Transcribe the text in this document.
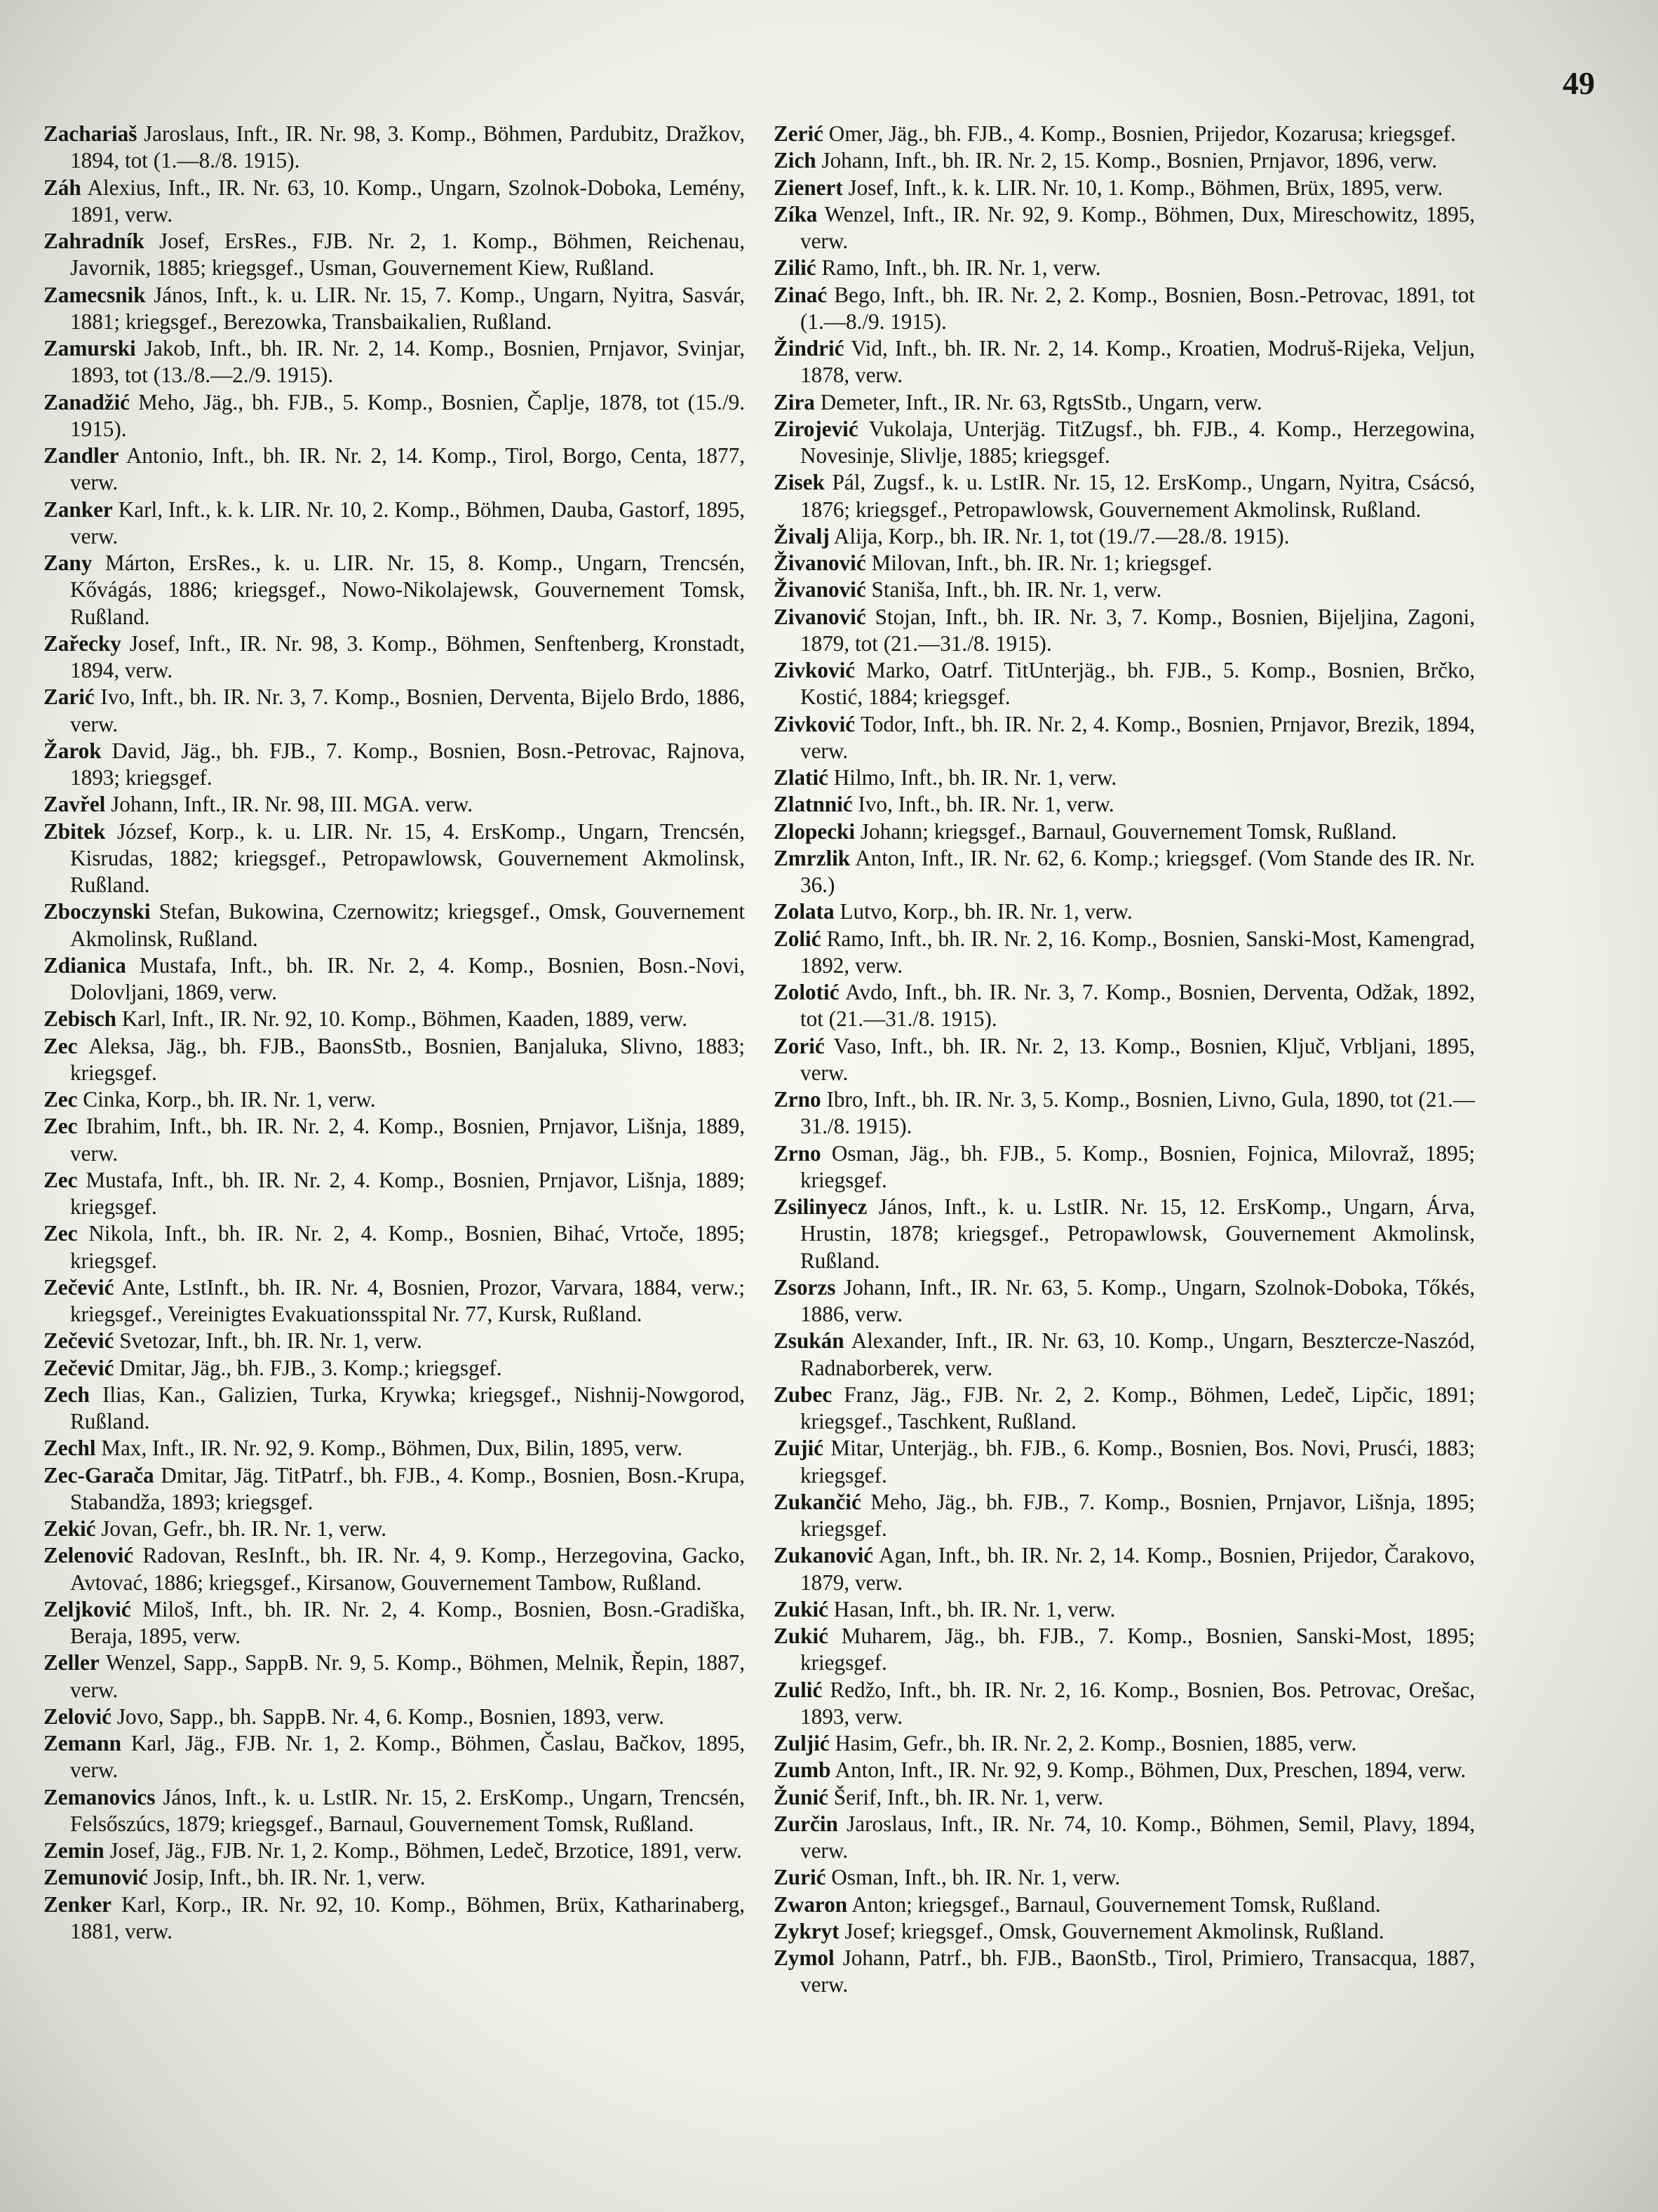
49

Zachariaš Jaroslaus, Inft., IR. Nr. 98, 3. Komp., Böhmen, Pardubitz, Dražkov, 1894, tot (1.—8./8. 1915).

Záh Alexius, Inft., IR. Nr. 63, 10. Komp., Ungarn, Szolnok-Doboka, Lemény, 1891, verw.

Zahradník Josef, ErsRes., FJB. Nr. 2, 1. Komp., Böhmen, Reichenau, Javornik, 1885; kriegsgef., Usman, Gouvernement Kiew, Rußland.

Zamecsnik János, Inft., k. u. LIR. Nr. 15, 7. Komp., Ungarn, Nyitra, Sasvár, 1881; kriegsgef., Berezowka, Transbaikalien, Rußland.

Zamurski Jakob, Inft., bh. IR. Nr. 2, 14. Komp., Bosnien, Prnjavor, Svinjar, 1893, tot (13./8.—2./9. 1915).

Zanadžić Meho, Jäg., bh. FJB., 5. Komp., Bosnien, Čaplje, 1878, tot (15./9. 1915).

Zandler Antonio, Inft., bh. IR. Nr. 2, 14. Komp., Tirol, Borgo, Centa, 1877, verw.

Zanker Karl, Inft., k. k. LIR. Nr. 10, 2. Komp., Böhmen, Dauba, Gastorf, 1895, verw.

Zany Márton, ErsRes., k. u. LIR. Nr. 15, 8. Komp., Ungarn, Trencsén, Kővágás, 1886; kriegsgef., Nowo-Nikolajewsk, Gouvernement Tomsk, Rußland.

Zařecky Josef, Inft., IR. Nr. 98, 3. Komp., Böhmen, Senftenberg, Kronstadt, 1894, verw.

Zarić Ivo, Inft., bh. IR. Nr. 3, 7. Komp., Bosnien, Derventa, Bijelo Brdo, 1886, verw.

Žarok David, Jäg., bh. FJB., 7. Komp., Bosnien, Bosn.-Petrovac, Rajnova, 1893; kriegsgef.

Zavřel Johann, Inft., IR. Nr. 98, III. MGA. verw.

Zbitek József, Korp., k. u. LIR. Nr. 15, 4. ErsKomp., Ungarn, Trencsén, Kisrudas, 1882; kriegsgef., Petropawlowsk, Gouvernement Akmolinsk, Rußland.

Zboczynski Stefan, Bukowina, Czernowitz; kriegsgef., Omsk, Gouvernement Akmolinsk, Rußland.

Zdianica Mustafa, Inft., bh. IR. Nr. 2, 4. Komp., Bosnien, Bosn.-Novi, Dolovljani, 1869, verw.

Zebisch Karl, Inft., IR. Nr. 92, 10. Komp., Böhmen, Kaaden, 1889, verw.

Zec Aleksa, Jäg., bh. FJB., BaonsStb., Bosnien, Banjaluka, Slivno, 1883; kriegsgef.

Zec Cinka, Korp., bh. IR. Nr. 1, verw.

Zec Ibrahim, Inft., bh. IR. Nr. 2, 4. Komp., Bosnien, Prnjavor, Lišnja, 1889, verw.

Zec Mustafa, Inft., bh. IR. Nr. 2, 4. Komp., Bosnien, Prnjavor, Lišnja, 1889; kriegsgef.

Zec Nikola, Inft., bh. IR. Nr. 2, 4. Komp., Bosnien, Bihać, Vrtoče, 1895; kriegsgef.

Zečević Ante, LstInft., bh. IR. Nr. 4, Bosnien, Prozor, Varvara, 1884, verw.; kriegsgef., Vereinigtes Evakuationsspital Nr. 77, Kursk, Rußland.

Zečević Svetozar, Inft., bh. IR. Nr. 1, verw.

Zečević Dmitar, Jäg., bh. FJB., 3. Komp.; kriegsgef.

Zech Ilias, Kan., Galizien, Turka, Krywka; kriegsgef., Nishnij-Nowgorod, Rußland.

Zechl Max, Inft., IR. Nr. 92, 9. Komp., Böhmen, Dux, Bilin, 1895, verw.

Zec-Garača Dmitar, Jäg. TitPatrf., bh. FJB., 4. Komp., Bosnien, Bosn.-Krupa, Stabandža, 1893; kriegsgef.

Zekić Jovan, Gefr., bh. IR. Nr. 1, verw.

Zelenović Radovan, ResInft., bh. IR. Nr. 4, 9. Komp., Herzegovina, Gacko, Avtovać, 1886; kriegsgef., Kirsanow, Gouvernement Tambow, Rußland.

Zeljković Miloš, Inft., bh. IR. Nr. 2, 4. Komp., Bosnien, Bosn.-Gradiška, Beraja, 1895, verw.

Zeller Wenzel, Sapp., SappB. Nr. 9, 5. Komp., Böhmen, Melnik, Řepin, 1887, verw.

Zelović Jovo, Sapp., bh. SappB. Nr. 4, 6. Komp., Bosnien, 1893, verw.

Zemann Karl, Jäg., FJB. Nr. 1, 2. Komp., Böhmen, Časlau, Bačkov, 1895, verw.

Zemanovics János, Inft., k. u. LstIR. Nr. 15, 2. ErsKomp., Ungarn, Trencsén, Felsőszúcs, 1879; kriegsgef., Barnaul, Gouvernement Tomsk, Rußland.

Zemin Josef, Jäg., FJB. Nr. 1, 2. Komp., Böhmen, Ledeč, Brzotice, 1891, verw.

Zemunović Josip, Inft., bh. IR. Nr. 1, verw.

Zenker Karl, Korp., IR. Nr. 92, 10. Komp., Böhmen, Brüx, Katharinaberg, 1881, verw.

Zerić Omer, Jäg., bh. FJB., 4. Komp., Bosnien, Prijedor, Kozarusa; kriegsgef.

Zich Johann, Inft., bh. IR. Nr. 2, 15. Komp., Bosnien, Prnjavor, 1896, verw.

Zienert Josef, Inft., k. k. LIR. Nr. 10, 1. Komp., Böhmen, Brüx, 1895, verw.

Zíka Wenzel, Inft., IR. Nr. 92, 9. Komp., Böhmen, Dux, Mireschowitz, 1895, verw.

Zilić Ramo, Inft., bh. IR. Nr. 1, verw.

Zinać Bego, Inft., bh. IR. Nr. 2, 2. Komp., Bosnien, Bosn.-Petrovac, 1891, tot (1.—8./9. 1915).

Žindrić Vid, Inft., bh. IR. Nr. 2, 14. Komp., Kroatien, Modruš-Rijeka, Veljun, 1878, verw.

Zira Demeter, Inft., IR. Nr. 63, RgtsStb., Ungarn, verw.

Zirojević Vukolaja, Unterjäg. TitZugsf., bh. FJB., 4. Komp., Herzegowina, Novesinje, Slivlje, 1885; kriegsgef.

Zisek Pál, Zugsf., k. u. LstIR. Nr. 15, 12. ErsKomp., Ungarn, Nyitra, Csácsó, 1876; kriegsgef., Petropawlowsk, Gouvernement Akmolinsk, Rußland.

Živalj Alija, Korp., bh. IR. Nr. 1, tot (19./7.—28./8. 1915).

Živanović Milovan, Inft., bh. IR. Nr. 1; kriegsgef.

Živanović Staniša, Inft., bh. IR. Nr. 1, verw.

Zivanović Stojan, Inft., bh. IR. Nr. 3, 7. Komp., Bosnien, Bijeljina, Zagoni, 1879, tot (21.—31./8. 1915).

Zivković Marko, Oatrf. TitUnterjäg., bh. FJB., 5. Komp., Bosnien, Brčko, Kostić, 1884; kriegsgef.

Zivković Todor, Inft., bh. IR. Nr. 2, 4. Komp., Bosnien, Prnjavor, Brezik, 1894, verw.

Zlatić Hilmo, Inft., bh. IR. Nr. 1, verw.

Zlatnnić Ivo, Inft., bh. IR. Nr. 1, verw.

Zlopecki Johann; kriegsgef., Barnaul, Gouvernement Tomsk, Rußland.

Zmrzlik Anton, Inft., IR. Nr. 62, 6. Komp.; kriegsgef. (Vom Stande des IR. Nr. 36.)

Zolata Lutvo, Korp., bh. IR. Nr. 1, verw.

Zolić Ramo, Inft., bh. IR. Nr. 2, 16. Komp., Bosnien, Sanski-Most, Kamengrad, 1892, verw.

Zolotić Avdo, Inft., bh. IR. Nr. 3, 7. Komp., Bosnien, Derventa, Odžak, 1892, tot (21.—31./8. 1915).

Zorić Vaso, Inft., bh. IR. Nr. 2, 13. Komp., Bosnien, Ključ, Vrbljani, 1895, verw.

Zrno Ibro, Inft., bh. IR. Nr. 3, 5. Komp., Bosnien, Livno, Gula, 1890, tot (21.—31./8. 1915).

Zrno Osman, Jäg., bh. FJB., 5. Komp., Bosnien, Fojnica, Milovraž, 1895; kriegsgef.

Zsilinyecz János, Inft., k. u. LstIR. Nr. 15, 12. ErsKomp., Ungarn, Árva, Hrustin, 1878; kriegsgef., Petropawlowsk, Gouvernement Akmolinsk, Rußland.

Zsorzs Johann, Inft., IR. Nr. 63, 5. Komp., Ungarn, Szolnok-Doboka, Tőkés, 1886, verw.

Zsukán Alexander, Inft., IR. Nr. 63, 10. Komp., Ungarn, Besztercze-Naszód, Radnaborberek, verw.

Zubec Franz, Jäg., FJB. Nr. 2, 2. Komp., Böhmen, Ledeč, Lipčic, 1891; kriegsgef., Taschkent, Rußland.

Zujić Mitar, Unterjäg., bh. FJB., 6. Komp., Bosnien, Bos. Novi, Prusći, 1883; kriegsgef.

Zukančić Meho, Jäg., bh. FJB., 7. Komp., Bosnien, Prnjavor, Lišnja, 1895; kriegsgef.

Zukanović Agan, Inft., bh. IR. Nr. 2, 14. Komp., Bosnien, Prijedor, Čarakovo, 1879, verw.

Zukić Hasan, Inft., bh. IR. Nr. 1, verw.

Zukić Muharem, Jäg., bh. FJB., 7. Komp., Bosnien, Sanski-Most, 1895; kriegsgef.

Zulić Redžo, Inft., bh. IR. Nr. 2, 16. Komp., Bosnien, Bos. Petrovac, Orešac, 1893, verw.

Zuljić Hasim, Gefr., bh. IR. Nr. 2, 2. Komp., Bosnien, 1885, verw.

Zumb Anton, Inft., IR. Nr. 92, 9. Komp., Böhmen, Dux, Preschen, 1894, verw.

Žunić Šerif, Inft., bh. IR. Nr. 1, verw.

Zurčin Jaroslaus, Inft., IR. Nr. 74, 10. Komp., Böhmen, Semil, Plavy, 1894, verw.

Zurić Osman, Inft., bh. IR. Nr. 1, verw.

Zwaron Anton; kriegsgef., Barnaul, Gouvernement Tomsk, Rußland.

Zykryt Josef; kriegsgef., Omsk, Gouvernement Akmolinsk, Rußland.

Zymol Johann, Patrf., bh. FJB., BaonStb., Tirol, Primiero, Transacqua, 1887, verw.
